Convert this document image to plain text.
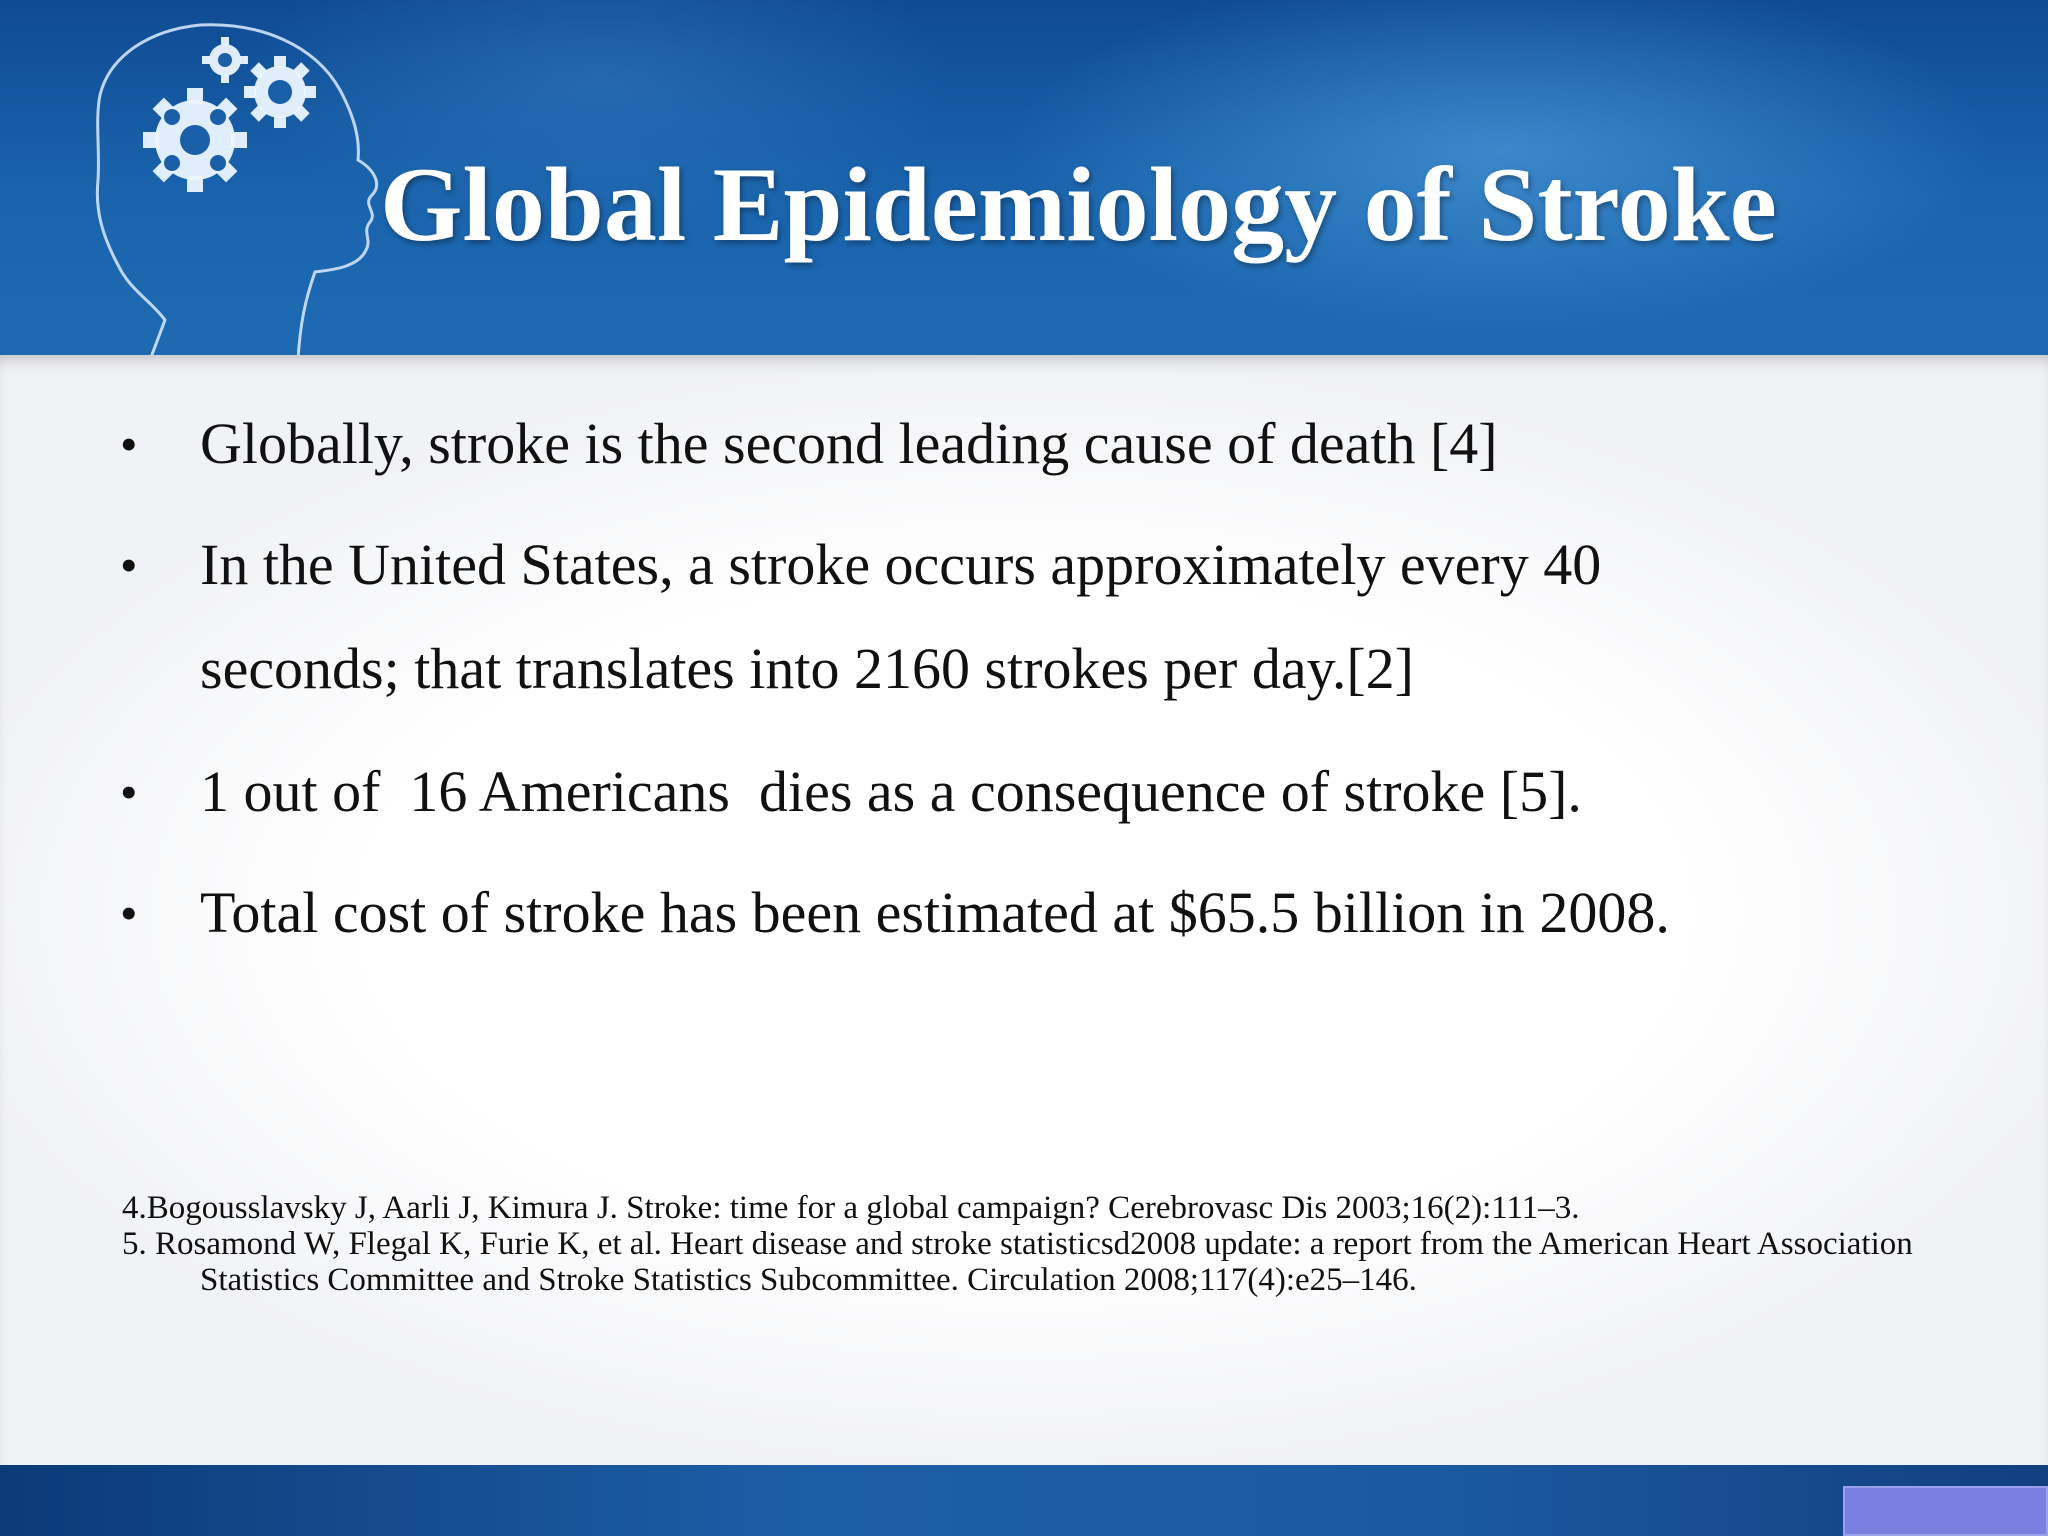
Global Epidemiology of Stroke
•	Globally, stroke is the second leading cause of death [4]
•	In the United States, a stroke occurs approximately every 40
seconds; that translates into 2160 strokes per day.[2]
•	1 out of  16 Americans  dies as a consequence of stroke [5].
•	Total cost of stroke has been estimated at $65.5 billion in 2008.

4.Bogousslavsky J, Aarli J, Kimura J. Stroke: time for a global campaign? Cerebrovasc Dis 2003;16(2):111–3.

5. Rosamond W, Flegal K, Furie K, et al. Heart disease and stroke statisticsd2008 update: a report from the American Heart Association Statistics Committee and Stroke Statistics Subcommittee. Circulation 2008;117(4):e25–146.
